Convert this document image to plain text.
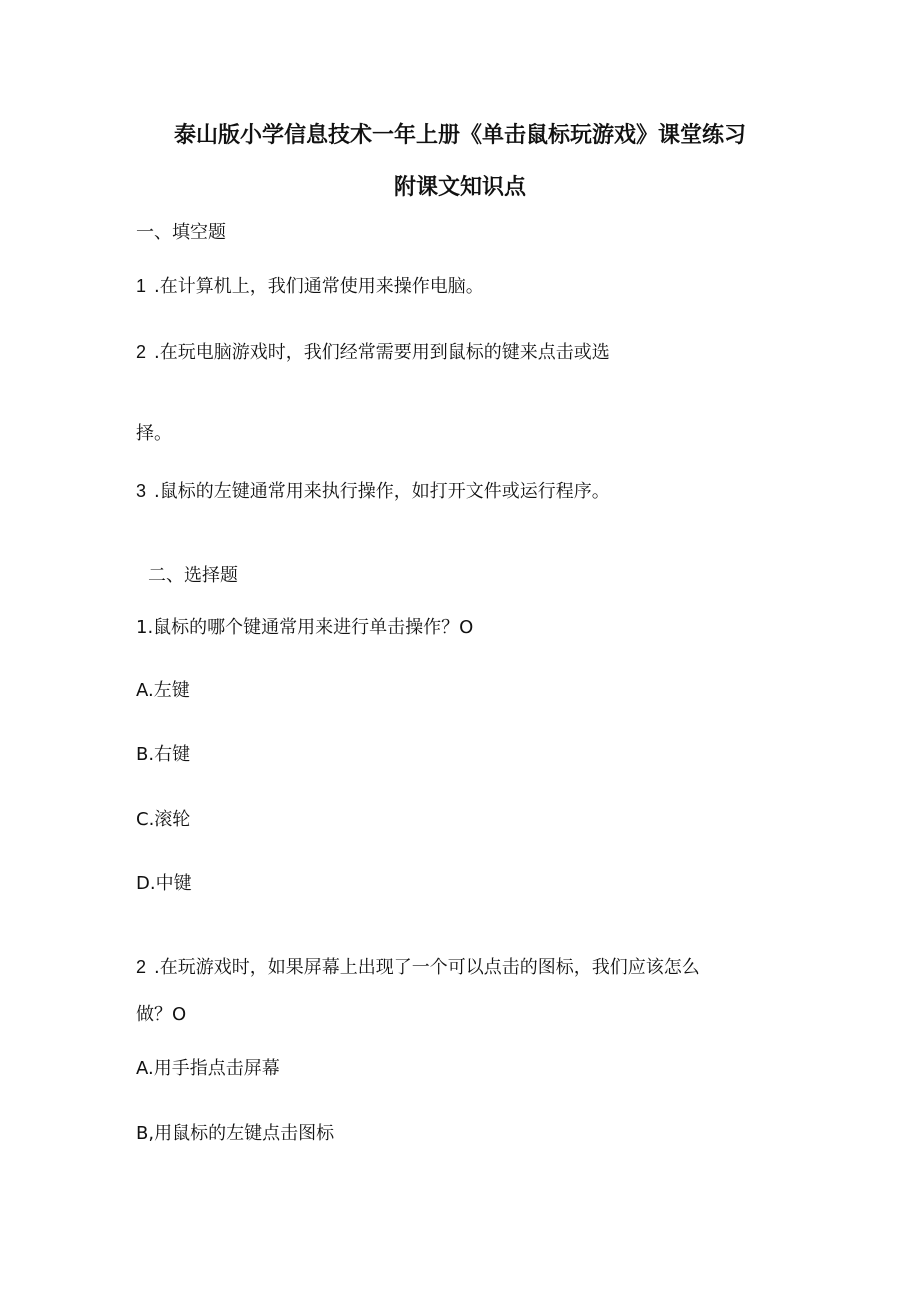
泰山版小学信息技术一年上册《单击鼠标玩游戏》课堂练习
附课文知识点
一、填空题
1 .在计算机上，我们通常使用来操作电脑。
2 .在玩电脑游戏时，我们经常需要用到鼠标的键来点击或选
择。
3 .鼠标的左键通常用来执行操作，如打开文件或运行程序。
二、选择题
1.鼠标的哪个键通常用来进行单击操作？O
A.左键
B.右键
C.滚轮
D.中键
2 .在玩游戏时，如果屏幕上出现了一个可以点击的图标，我们应该怎么
做？O
A.用手指点击屏幕
B,用鼠标的左键点击图标
